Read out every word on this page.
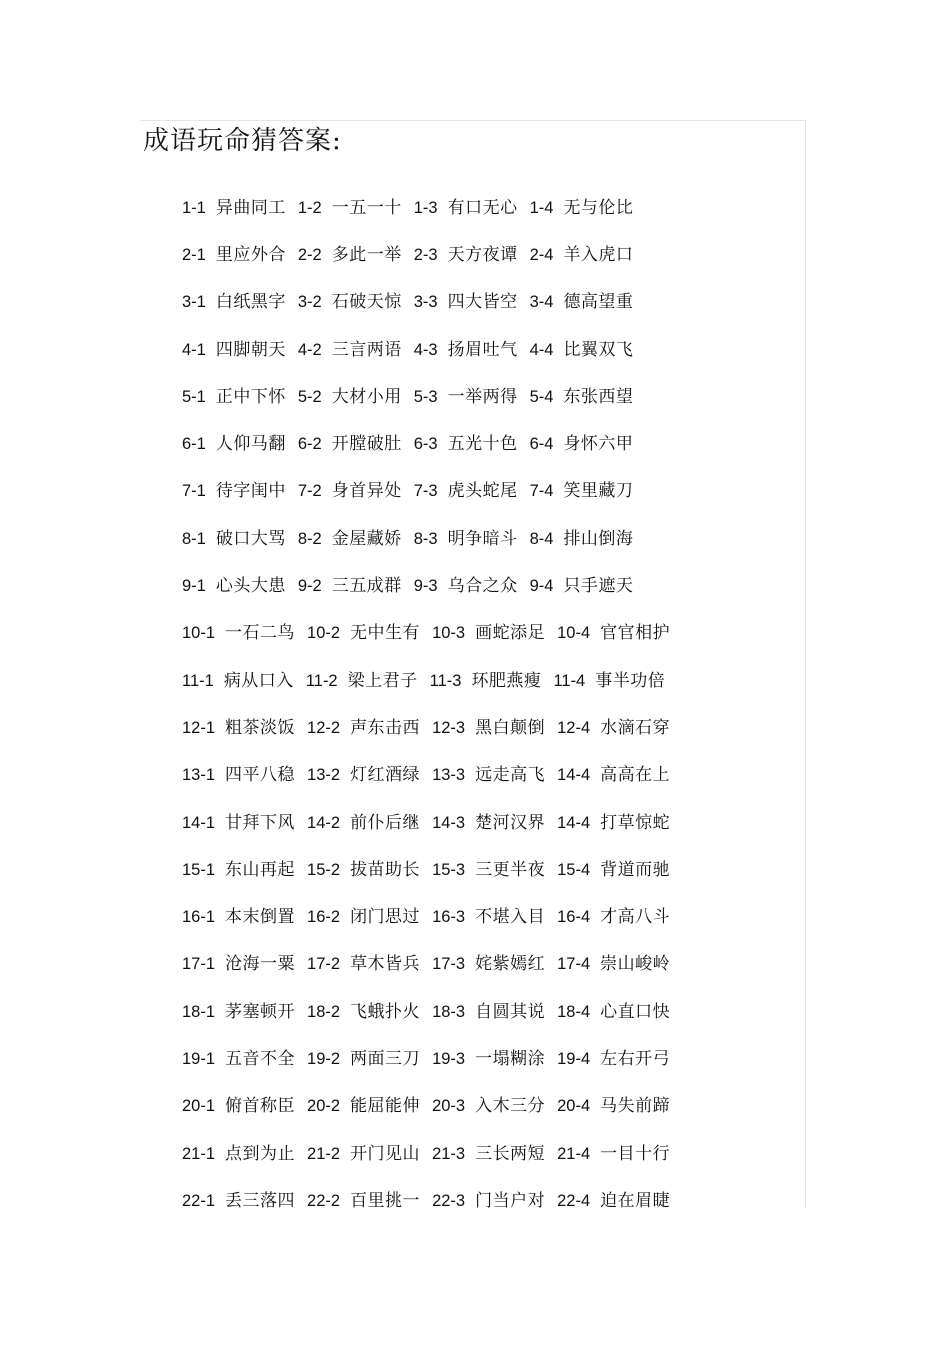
成语玩命猜答案:
1-1 异曲同工 1-2 一五一十 1-3 有口无心 1-4 无与伦比
2-1 里应外合 2-2 多此一举 2-3 天方夜谭 2-4 羊入虎口
3-1 白纸黑字 3-2 石破天惊 3-3 四大皆空 3-4 德高望重
4-1 四脚朝天 4-2 三言两语 4-3 扬眉吐气 4-4 比翼双飞
5-1 正中下怀 5-2 大材小用 5-3 一举两得 5-4 东张西望
6-1 人仰马翻 6-2 开膛破肚 6-3 五光十色 6-4 身怀六甲
7-1 待字闺中 7-2 身首异处 7-3 虎头蛇尾 7-4 笑里藏刀
8-1 破口大骂 8-2 金屋藏娇 8-3 明争暗斗 8-4 排山倒海
9-1 心头大患 9-2 三五成群 9-3 乌合之众 9-4 只手遮天
10-1 一石二鸟 10-2 无中生有 10-3 画蛇添足 10-4 官官相护
11-1 病从口入 11-2 梁上君子 11-3 环肥燕瘦 11-4 事半功倍
12-1 粗茶淡饭 12-2 声东击西 12-3 黑白颠倒 12-4 水滴石穿
13-1 四平八稳 13-2 灯红酒绿 13-3 远走高飞 14-4 高高在上
14-1 甘拜下风 14-2 前仆后继 14-3 楚河汉界 14-4 打草惊蛇
15-1 东山再起 15-2 拔苗助长 15-3 三更半夜 15-4 背道而驰
16-1 本末倒置 16-2 闭门思过 16-3 不堪入目 16-4 才高八斗
17-1 沧海一粟 17-2 草木皆兵 17-3 姹紫嫣红 17-4 崇山峻岭
18-1 茅塞顿开 18-2 飞蛾扑火 18-3 自圆其说 18-4 心直口快
19-1 五音不全 19-2 两面三刀 19-3 一塌糊涂 19-4 左右开弓
20-1 俯首称臣 20-2 能屈能伸 20-3 入木三分 20-4 马失前蹄
21-1 点到为止 21-2 开门见山 21-3 三长两短 21-4 一目十行
22-1 丢三落四 22-2 百里挑一 22-3 门当户对 22-4 迫在眉睫
